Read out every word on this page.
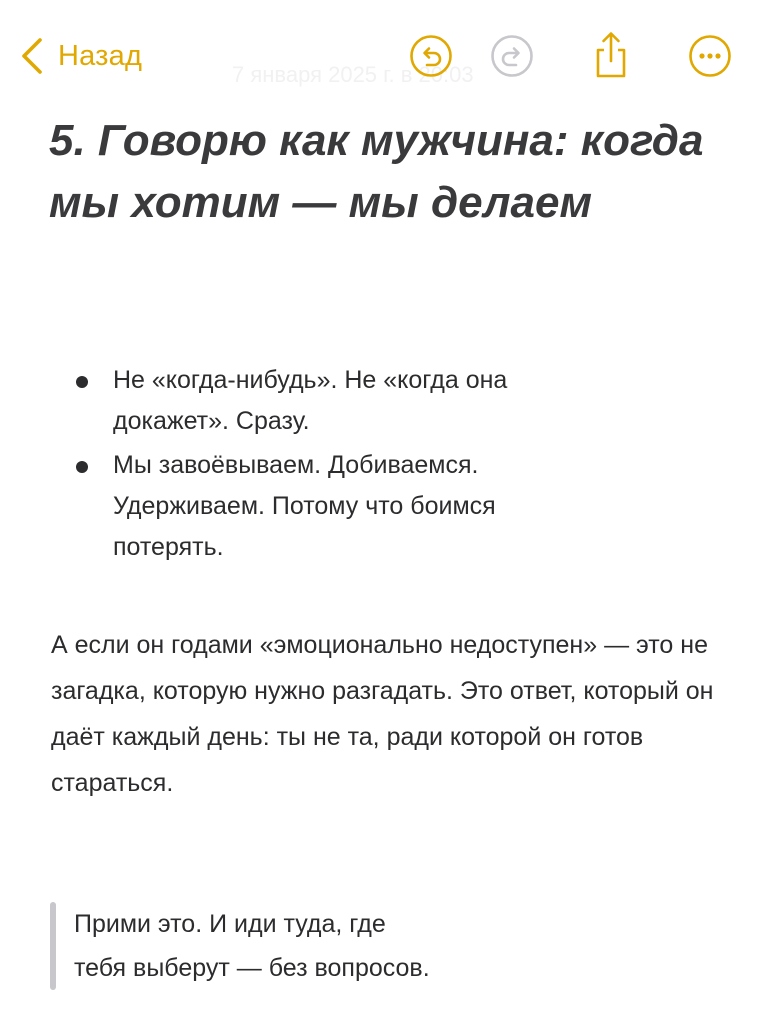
Назад
7 января 2025 г. в 20:03
5. Говорю как мужчина: когда мы хотим — мы делаем
Не «когда-нибудь». Не «когда она докажет». Сразу.
Мы завоёвываем. Добиваемся. Удерживаем. Потому что боимся потерять.

А если он годами «эмоционально недоступен» — это не загадка, которую нужно разгадать. Это ответ, который он даёт каждый день: ты не та, ради которой он готов стараться.

Прими это. И иди туда, где
тебя выберут — без вопросов.
